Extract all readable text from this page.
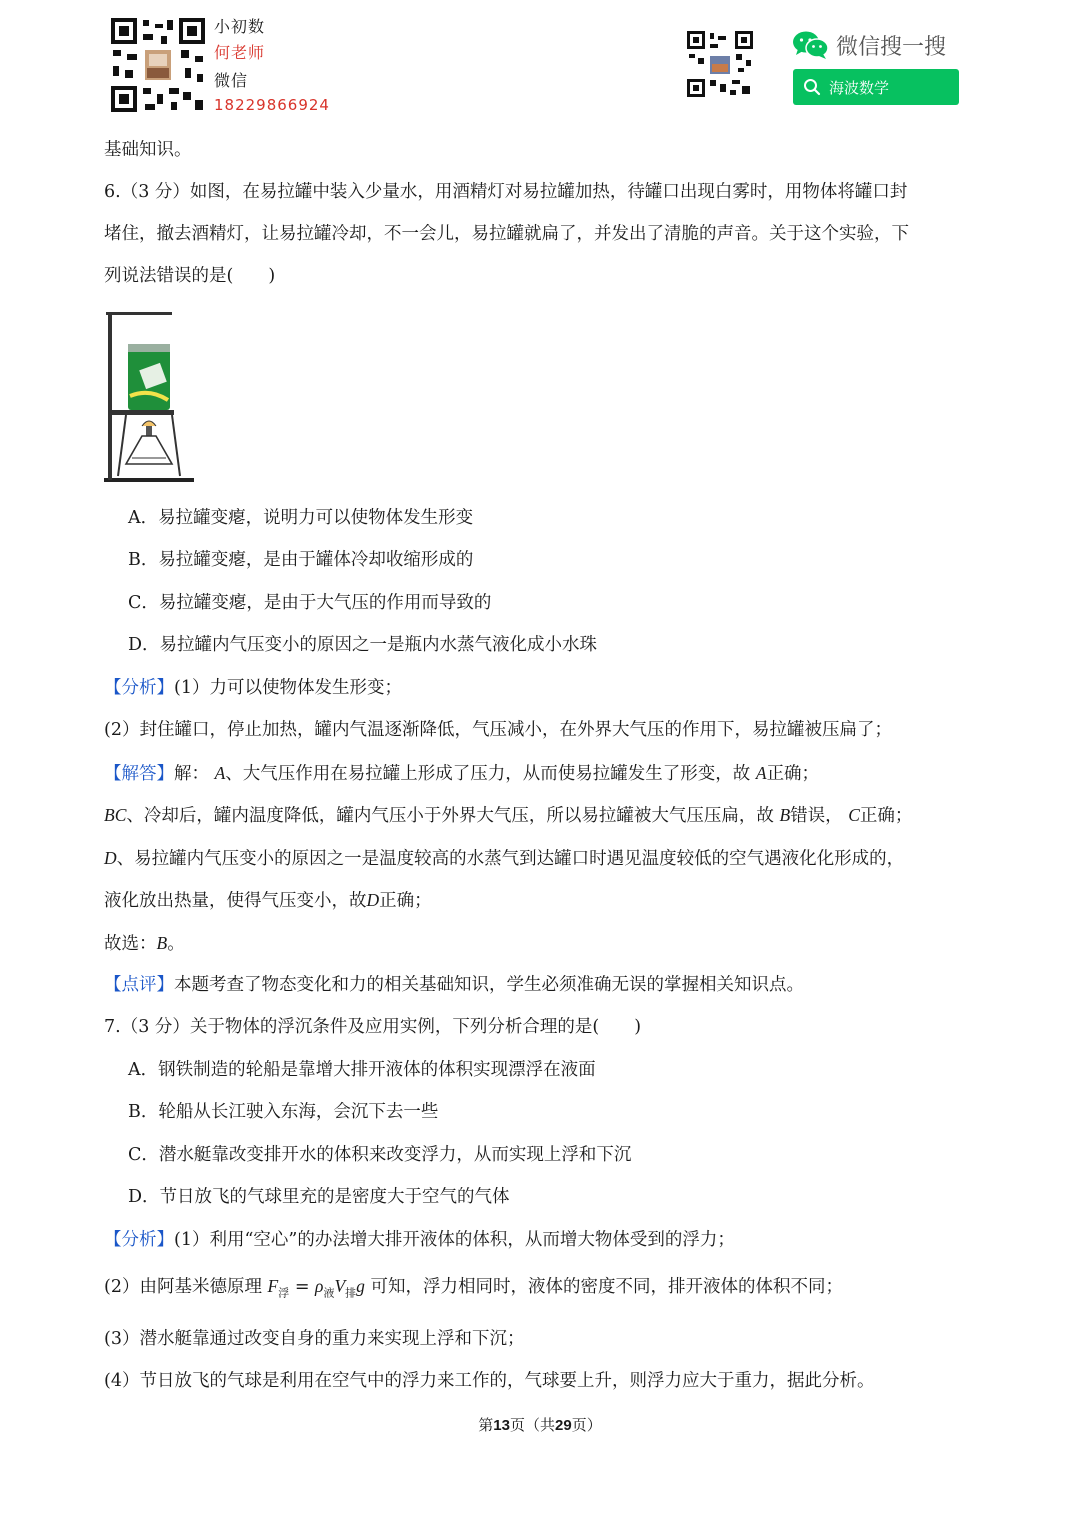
小初数
何老师
微信
18229866924
微信搜一搜
海波数学
基础知识。
6.（3 分）如图，在易拉罐中装入少量水，用酒精灯对易拉罐加热，待罐口出现白雾时，用物体将罐口封
堵住，撤去酒精灯，让易拉罐冷却，不一会儿，易拉罐就扁了，并发出了清脆的声音。关于这个实验，下
列说法错误的是(　　)
A．易拉罐变瘪，说明力可以使物体发生形变
B．易拉罐变瘪，是由于罐体冷却收缩形成的
C．易拉罐变瘪，是由于大气压的作用而导致的
D．易拉罐内气压变小的原因之一是瓶内水蒸气液化成小水珠
【分析】(1）力可以使物体发生形变；
(2）封住罐口，停止加热，罐内气温逐渐降低，气压减小，在外界大气压的作用下，易拉罐被压扁了；
【解答】解： A、大气压作用在易拉罐上形成了压力，从而使易拉罐发生了形变，故 A正确；
BC、冷却后，罐内温度降低，罐内气压小于外界大气压，所以易拉罐被大气压压扁，故 B错误， C正确；
D、易拉罐内气压变小的原因之一是温度较高的水蒸气到达罐口时遇见温度较低的空气遇液化化形成的，
液化放出热量，使得气压变小，故D正确；
故选：B。
【点评】本题考查了物态变化和力的相关基础知识，学生必须准确无误的掌握相关知识点。
7.（3 分）关于物体的浮沉条件及应用实例，下列分析合理的是(　　)
A．钢铁制造的轮船是靠增大排开液体的体积实现漂浮在液面
B．轮船从长江驶入东海，会沉下去一些
C．潜水艇靠改变排开水的体积来改变浮力，从而实现上浮和下沉
D．节日放飞的气球里充的是密度大于空气的气体
【分析】(1）利用“空心”的办法增大排开液体的体积，从而增大物体受到的浮力；
(2）由阿基米德原理 $F_浮 = \rho_液V_排g$ 可知，浮力相同时，液体的密度不同，排开液体的体积不同；
(3）潜水艇靠通过改变自身的重力来实现上浮和下沉；
(4）节日放飞的气球是利用在空气中的浮力来工作的，气球要上升，则浮力应大于重力，据此分析。
第13页（共29页）
